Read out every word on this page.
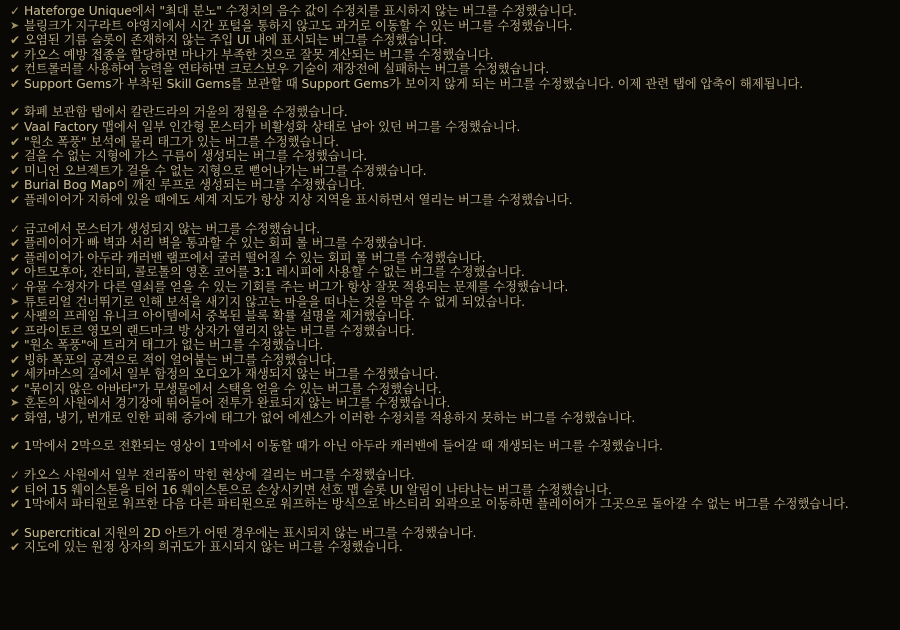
✓ Hateforge Unique에서 "최대 분노" 수정치의 음수 값이 수정치를 표시하지 않는 버그를 수정했습니다.
➤ 블링크가 지구라트 야영지에서 시간 포털을 통하지 않고도 과거로 이동할 수 있는 버그를 수정했습니다.
✔ 오염된 기름 슬롯이 존재하지 않는 주입 UI 내에 표시되는 버그를 수정했습니다.
✔ 카오스 예방 접종을 할당하면 마나가 부족한 것으로 잘못 계산되는 버그를 수정했습니다.
✔ 컨트롤러를 사용하여 능력을 연타하면 크로스보우 기술이 재장전에 실패하는 버그를 수정했습니다.
✔ Support Gems가 부착된 Skill Gems를 보관할 때 Support Gems가 보이지 않게 되는 버그를 수정했습니다. 이제 관련 탭에 압축이 해제됩니다.
✔ 화폐 보관함 탭에서 칼란드라의 거울의 정월을 수정했습니다.
✔ Vaal Factory 맵에서 일부 인간형 몬스터가 비활성화 상태로 남아 있던 버그를 수정했습니다.
✔ "원소 폭풍" 보석에 물리 태그가 있는 버그를 수정했습니다.
✔ 걸을 수 없는 지형에 가스 구름이 생성되는 버그를 수정했습니다.
✔ 미니언 오브젝트가 걸을 수 없는 지형으로 뻗어나가는 버그를 수정했습니다.
✔ Burial Bog Map이 깨진 루프로 생성되는 버그를 수정했습니다.
✔ 플레이어가 지하에 있을 때에도 세계 지도가 항상 지상 지역을 표시하면서 열리는 버그를 수정했습니다.
✓ 금고에서 몬스터가 생성되지 않는 버그를 수정했습니다.
✔ 플레이어가 빠 벽과 서리 벽을 통과할 수 있는 회피 롤 버그를 수정했습니다.
✔ 플레이어가 아두라 캐러밴 램프에서 굴러 떨어질 수 있는 회피 롤 버그를 수정했습니다.
✔ 아트모후아, 잔티피, 콜로톨의 영혼 코어를 3:1 레시피에 사용할 수 없는 버그를 수정했습니다.
✓ 유물 수정자가 다른 열쇠를 얻을 수 있는 기회를 주는 버그가 항상 잘못 적용되는 문제를 수정했습니다.
➤ 튜토리얼 건너뛰기로 인해 보석을 새기지 않고는 마을을 떠나는 것을 막을 수 없게 되었습니다.
✔ 사펠의 프레임 유니크 아이템에서 중복된 블록 확률 설명을 제거했습니다.
✔ 프라이토르 영모의 랜드마크 방 상자가 열리지 않는 버그를 수정했습니다.
✔ "원소 폭풍"에 트리거 태그가 없는 버그를 수정했습니다.
✔ 빙하 폭포의 공격으로 적이 얼어붙는 버그를 수정했습니다.
✔ 세카마스의 길에서 일부 함정의 오디오가 재생되지 않는 버그를 수정했습니다.
✔ "묶이지 않은 아바타"가 무생물에서 스택을 얻을 수 있는 버그를 수정했습니다.
➤ 혼돈의 사원에서 경기장에 뛰어들어 전투가 완료되지 않는 버그를 수정했습니다.
✔ 화염, 냉기, 번개로 인한 피해 증가에 태그가 없어 에센스가 이러한 수정치를 적용하지 못하는 버그를 수정했습니다.
✔ 1막에서 2막으로 전환되는 영상이 1막에서 이동할 때가 아닌 아두라 캐러밴에 들어갈 때 재생되는 버그를 수정했습니다.
✓ 카오스 사원에서 일부 전리품이 막힌 현상에 걸리는 버그를 수정했습니다.
✔ 티어 15 웨이스톤을 티어 16 웨이스톤으로 손상시키면 선호 맵 슬롯 UI 알림이 나타나는 버그를 수정했습니다.
✔ 1막에서 파티원로 워프한 다음 다른 파티원으로 워프하는 방식으로 바스티리 외곽으로 이동하면 플레이어가 그곳으로 돌아갈 수 없는 버그를 수정했습니다.
✔ Supercritical 지원의 2D 아트가 어떤 경우에는 표시되지 않는 버그를 수정했습니다.
✔ 지도에 있는 원정 상자의 희귀도가 표시되지 않는 버그를 수정했습니다.
